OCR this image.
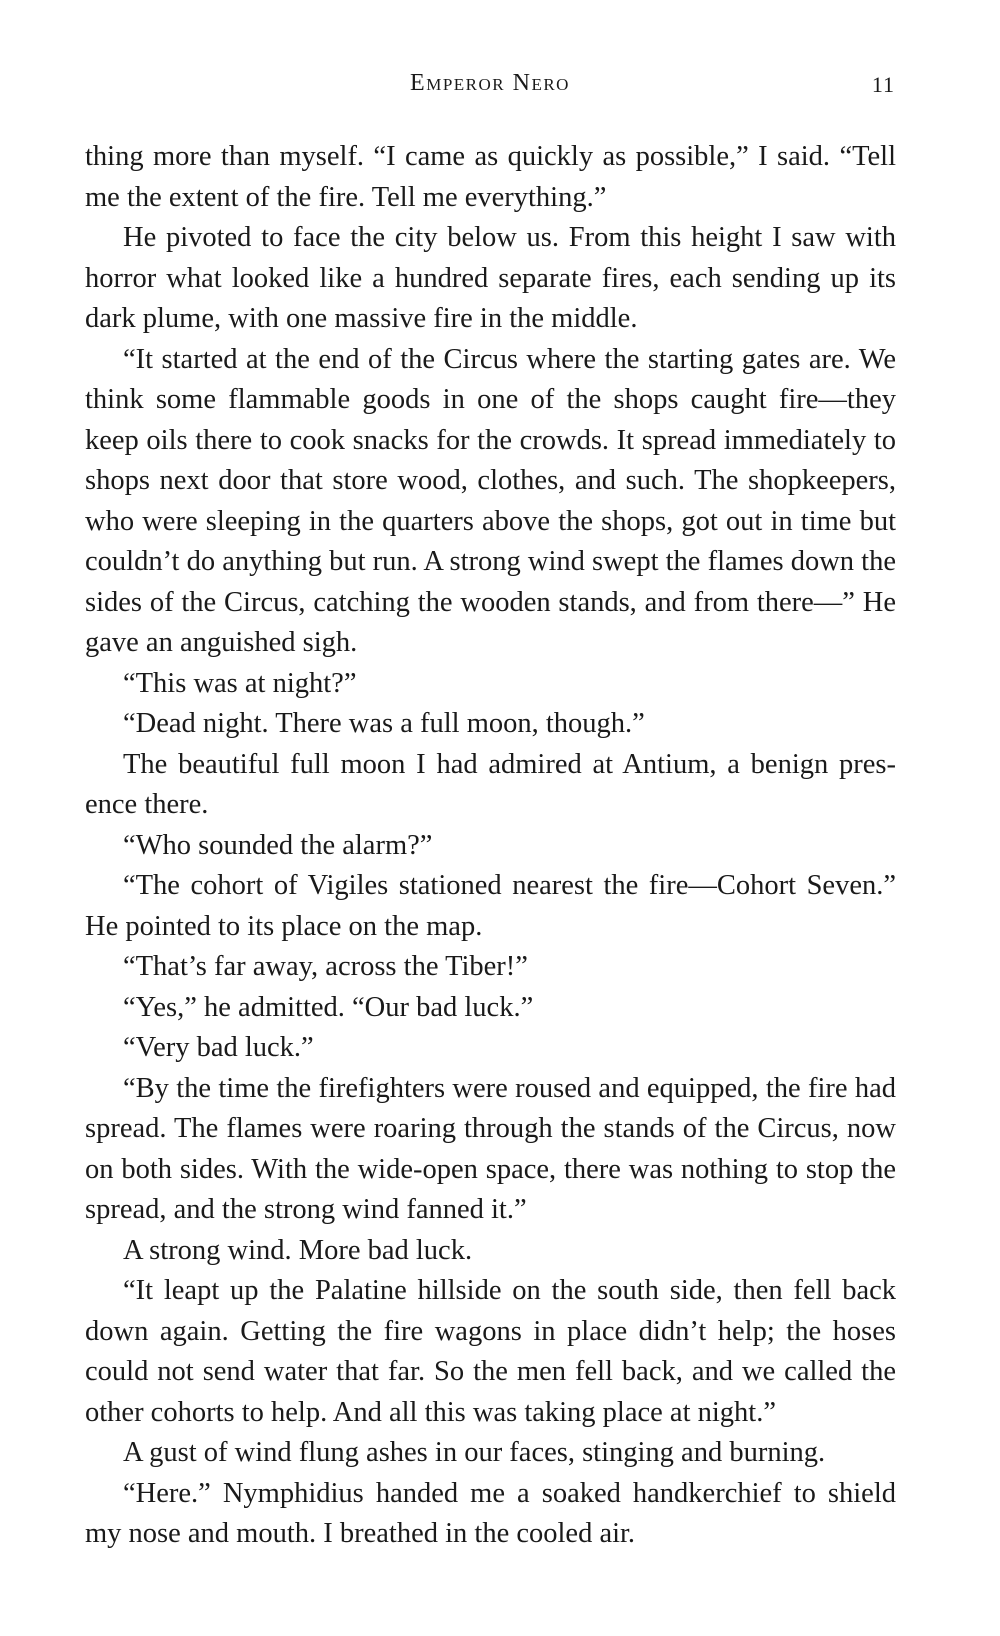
Emperor Nero	11

thing more than myself. “I came as quickly as possible,” I said. “Tell me the extent of the fire. Tell me everything.”

He pivoted to face the city below us. From this height I saw with horror what looked like a hundred separate fires, each sending up its dark plume, with one massive fire in the middle.

“It started at the end of the Circus where the starting gates are. We think some flammable goods in one of the shops caught fire—they keep oils there to cook snacks for the crowds. It spread immediately to shops next door that store wood, clothes, and such. The shopkeepers, who were sleeping in the quarters above the shops, got out in time but couldn’t do anything but run. A strong wind swept the flames down the sides of the Circus, catching the wooden stands, and from there—” He gave an anguished sigh.

“This was at night?”

“Dead night. There was a full moon, though.”

The beautiful full moon I had admired at Antium, a benign presence there.

“Who sounded the alarm?”

“The cohort of Vigiles stationed nearest the fire—Cohort Seven.” He pointed to its place on the map.

“That’s far away, across the Tiber!”

“Yes,” he admitted. “Our bad luck.”

“Very bad luck.”

“By the time the firefighters were roused and equipped, the fire had spread. The flames were roaring through the stands of the Circus, now on both sides. With the wide-open space, there was nothing to stop the spread, and the strong wind fanned it.”

A strong wind. More bad luck.

“It leapt up the Palatine hillside on the south side, then fell back down again. Getting the fire wagons in place didn’t help; the hoses could not send water that far. So the men fell back, and we called the other cohorts to help. And all this was taking place at night.”

A gust of wind flung ashes in our faces, stinging and burning.

“Here.” Nymphidius handed me a soaked handkerchief to shield my nose and mouth. I breathed in the cooled air.
